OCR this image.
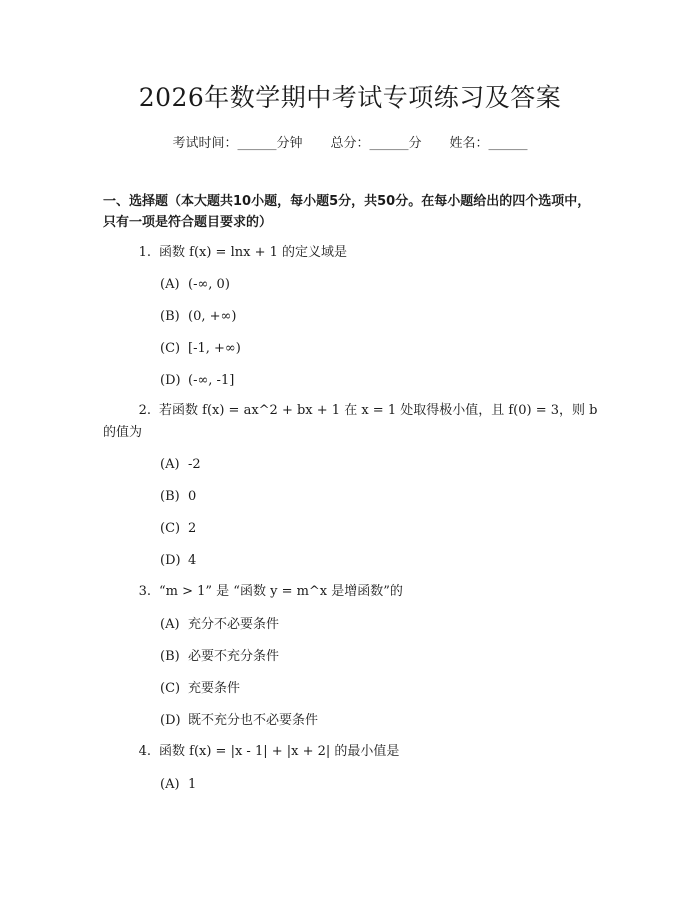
2026年数学期中考试专项练习及答案
考试时间：______分钟 总分：______分 姓名：______
一、选择题（本大题共10小题，每小题5分，共50分。在每小题给出的四个选项中，只有一项是符合题目要求的）
1. 函数 f(x) = lnx + 1 的定义域是
(A) (-∞, 0)
(B) (0, +∞)
(C) [-1, +∞)
(D) (-∞, -1]
2. 若函数 f(x) = ax^2 + bx + 1 在 x = 1 处取得极小值，且 f(0) = 3，则 b 的值为
(A) -2
(B) 0
(C) 2
(D) 4
3. “m > 1” 是 “函数 y = m^x 是增函数”的
(A) 充分不必要条件
(B) 必要不充分条件
(C) 充要条件
(D) 既不充分也不必要条件
4. 函数 f(x) = |x - 1| + |x + 2| 的最小值是
(A) 1
